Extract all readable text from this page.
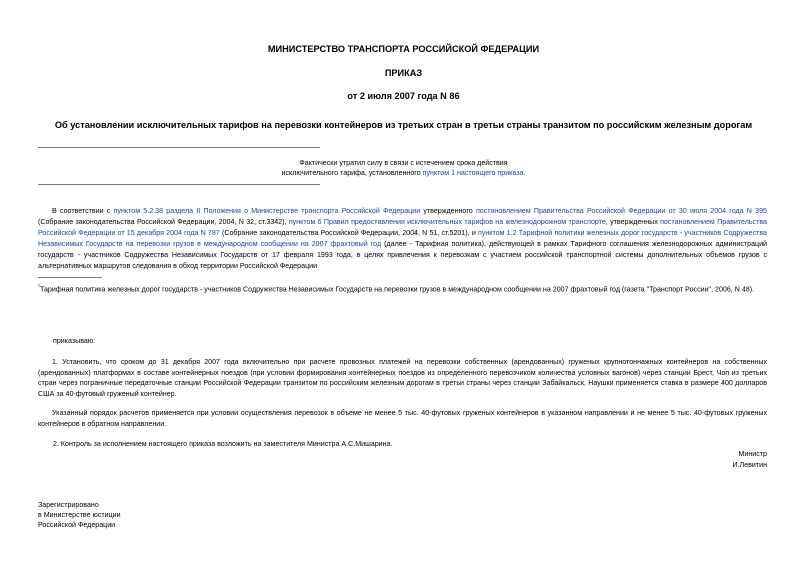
МИНИСТЕРСТВО ТРАНСПОРТА РОССИЙСКОЙ ФЕДЕРАЦИИ
ПРИКАЗ
от 2 июля 2007 года N 86
Об установлении исключительных тарифов на перевозки контейнеров из третьих стран в третьи страны транзитом по российским железным дорогам
Фактически утратил силу в связи с истечением срока действия
исключительного тарифа, установленного пунктом 1 настоящего приказа.

В соответствии с пунктом 5.2.38 раздела II Положения о Министерстве транспорта Российской Федерации утвержденного постановлением Правительства Российской Федерации от 30 июля 2004 года N 395 (Собрание законодательства Российской Федерации, 2004, N 32, ст.3342), пунктом 6 Правил предоставления исключительных тарифов на железнодорожном транспорте, утвержденных постановлением Правительства Российской Федерации от 15 декабря 2004 года N 787 (Собрание законодательства Российской Федерации, 2004, N 51, ст.5201), и пунктом 1.2 Тарифной политики железных дорог государств - участников Содружества Независимых Государств на перевозки грузов в международном сообщении на 2007 фрахтовый год (далее - Тарифная политика), действующей в рамках Тарифного соглашения железнодорожных администраций государств - участников Содружества Независимых Государств от 17 февраля 1993 года, в целях привлечения к перевозкам с участием российской транспортной системы дополнительных объемов грузов с альтернативных маршрутов следования в обход территории Российской Федерации

$^{^1}$Тарифная политика железных дорог государств - участников Содружества Независимых Государств на перевозки грузов в международном сообщении на 2007 фрахтовый год (газета "Транспорт России", 2006, N 48).

приказываю:

1. Установить, что сроком до 31 декабря 2007 года включительно при расчете провозных платежей на перевозки собственных (арендованных) груженых крупнотоннажных контейнеров на собственных (арендованных) платформах в составе контейнерных поездов (при условии формирования контейнерных поездов из определенного перевозчиком количества условных вагонов) через станции Брест, Чоп из третьих стран через пограничные передаточные станции Российской Федерации транзитом по российским железным дорогам в третьи страны через станции Забайкальск, Наушки применяется ставка в размере 400 долларов США за 40-футовый груженый контейнер.

Указанный порядок расчетов применяется при условии осуществления перевозок в объеме не менее 5 тыс. 40-футовых груженых контейнеров в указанном направлении и не менее 5 тыс. 40-футовых груженых контейнеров в обратном направлении.

2. Контроль за исполнением настоящего приказа возложить на заместителя Министра А.С.Мишарина.
Министр
И.Левитин
Зарегистрировано
в Министерстве юстиции
Российской Федерации
